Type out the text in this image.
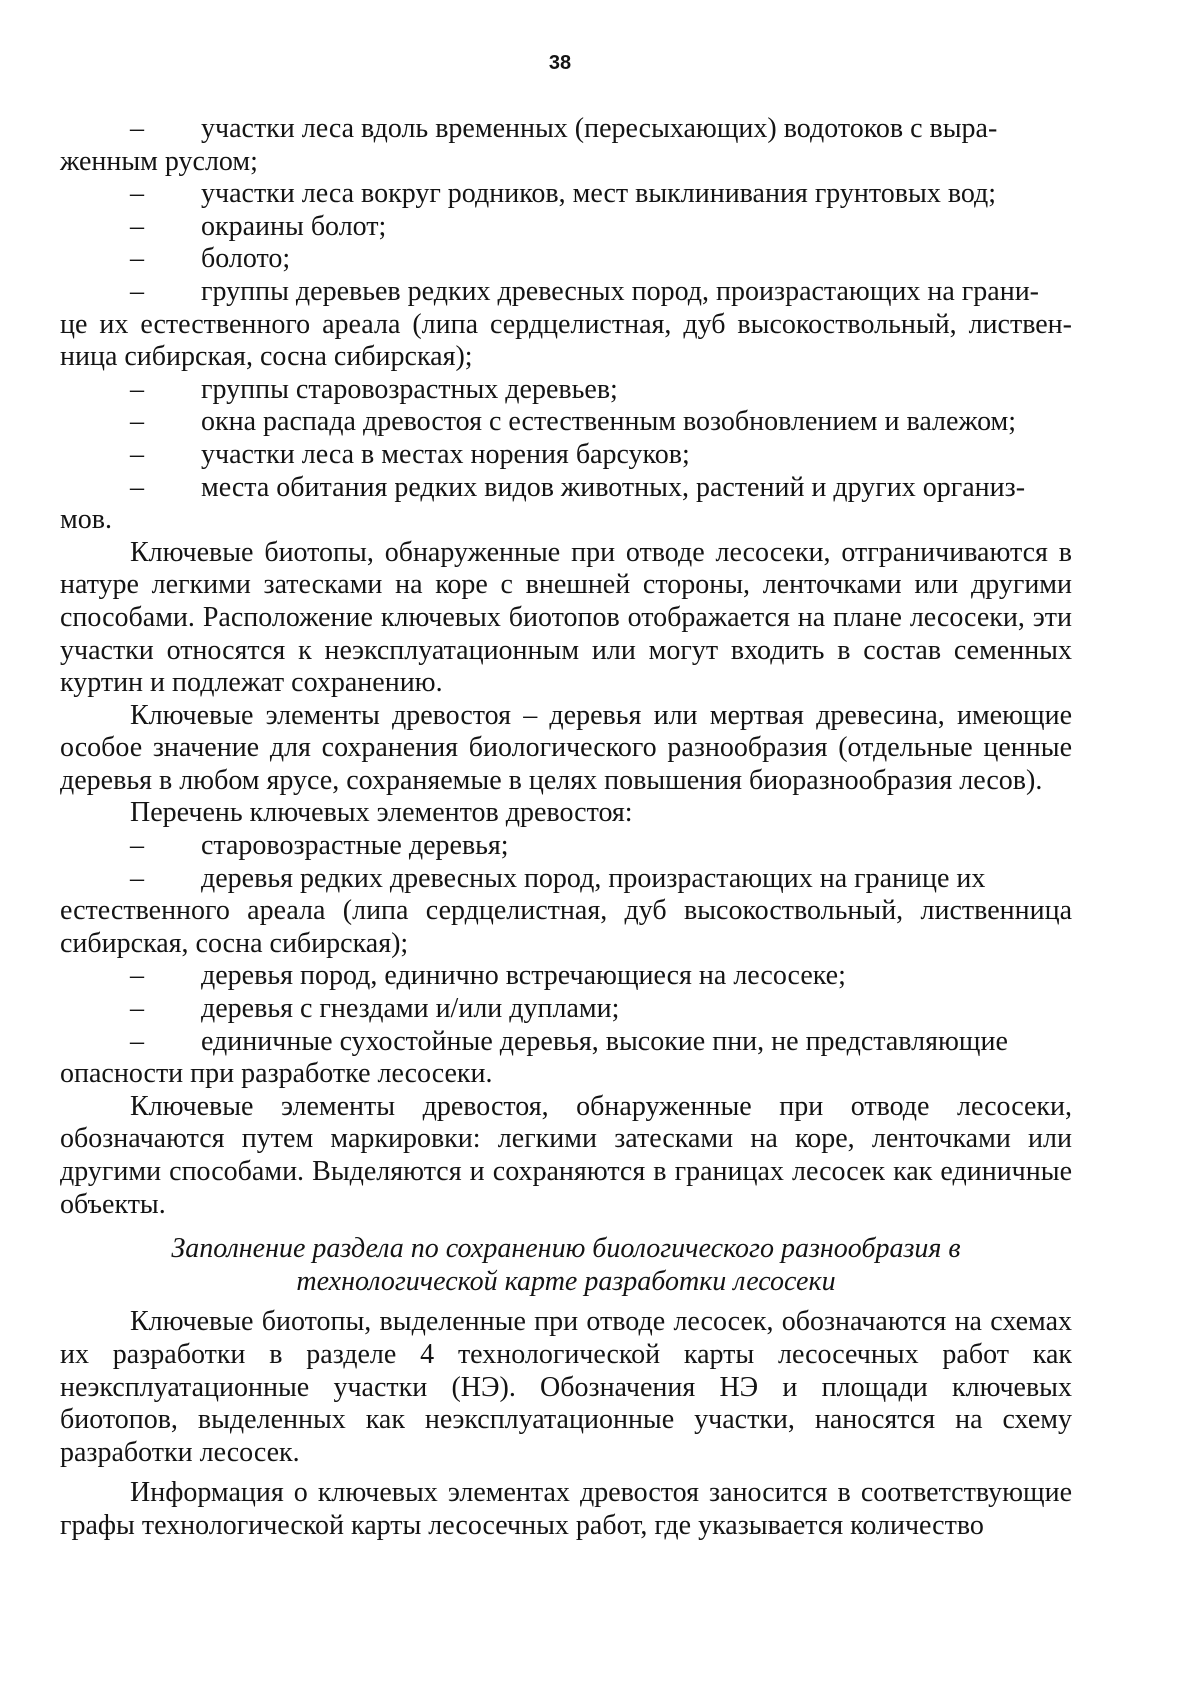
38
–	участки леса вдоль временных (пересыхающих) водотоков с выра-

женным руслом;

–	участки леса вокруг родников, мест выклинивания грунтовых вод;
–	окраины болот;
–	болото;
–	группы деревьев редких древесных пород, произрастающих на грани-

це их естественного ареала (липа сердцелистная, дуб высокоствольный, листвен-ница сибирская, сосна сибирская);

–	группы старовозрастных деревьев;
–	окна распада древостоя с естественным возобновлением и валежом;
–	участки леса в местах норения барсуков;
–	места обитания редких видов животных, растений и других организ-

мов.

Ключевые биотопы, обнаруженные при отводе лесосеки, отграничиваются в натуре легкими затесками на коре с внешней стороны, ленточками или другими способами. Расположение ключевых биотопов отображается на плане лесосеки, эти участки относятся к неэксплуатационным или могут входить в состав семенных куртин и подлежат сохранению.

Ключевые элементы древостоя – деревья или мертвая древесина, имеющие особое значение для сохранения биологического разнообразия (отдельные ценные деревья в любом ярусе, сохраняемые в целях повышения биоразнообразия лесов).

Перечень ключевых элементов древостоя:

–	старовозрастные деревья;
–	деревья редких древесных пород, произрастающих на границе их

естественного ареала (липа сердцелистная, дуб высокоствольный, лиственница сибирская, сосна сибирская);

–	деревья пород, единично встречающиеся на лесосеке;
–	деревья с гнездами и/или дуплами;
–	единичные сухостойные деревья, высокие пни, не представляющие

опасности при разработке лесосеки.

Ключевые элементы древостоя, обнаруженные при отводе лесосеки, обозначаются путем маркировки: легкими затесками на коре, ленточками или другими способами. Выделяются и сохраняются в границах лесосек как единичные объекты.

Заполнение раздела по сохранению биологического разнообразия в
технологической карте разработки лесосеки

Ключевые биотопы, выделенные при отводе лесосек, обозначаются на схемах их разработки в разделе 4 технологической карты лесосечных работ как неэксплуатационные участки (НЭ). Обозначения НЭ и площади ключевых биотопов, выделенных как неэксплуатационные участки, наносятся на схему разработки лесосек.

Информация о ключевых элементах древостоя заносится в соответствующие графы технологической карты лесосечных работ, где указывается количество
